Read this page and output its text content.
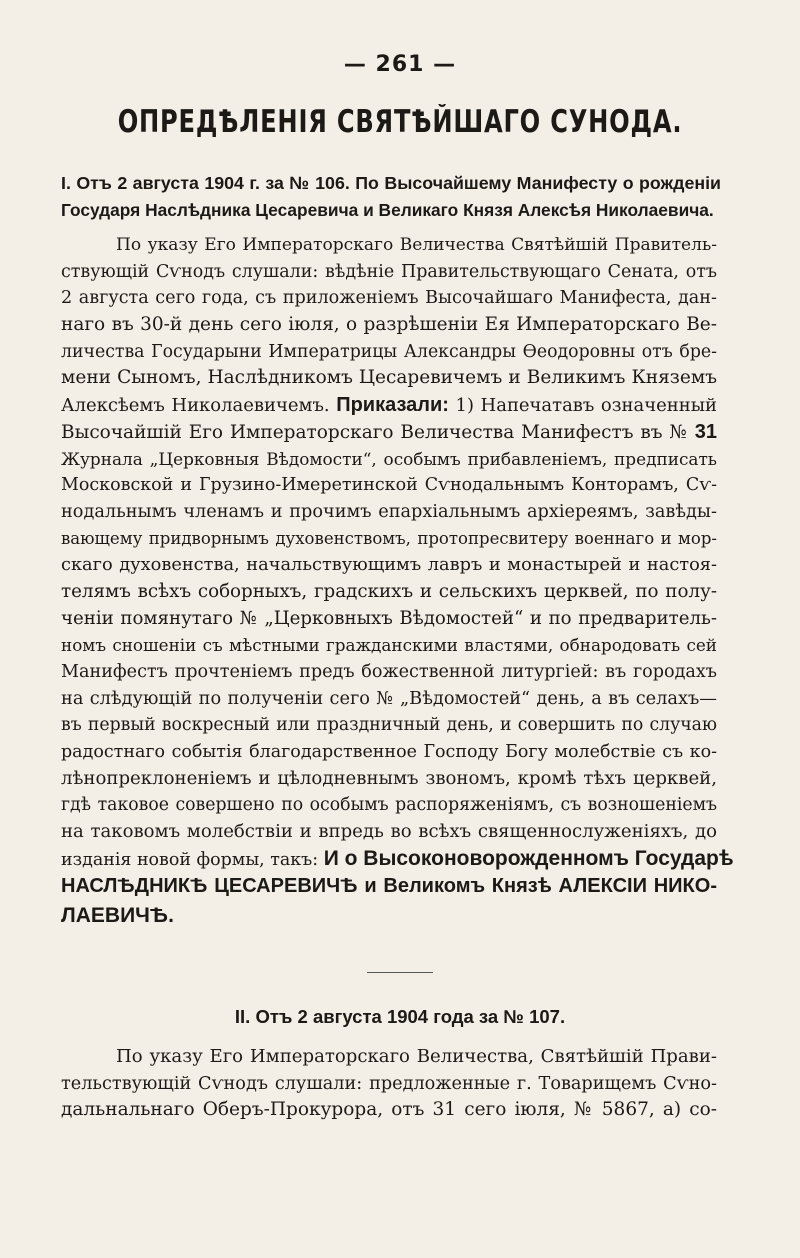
— 261 —
ОПРЕДѢЛЕНІЯ СВЯТѢЙШАГО СУНОДА.
I. Отъ 2 августа 1904 г. за № 106. По Высочайшему Манифесту о рожденіи
Государя Наслѣдника Цесаревича и Великаго Князя Алексѣя Николаевича.
По указу Его Императорскаго Величества Святѣйшій Правитель-
ствующій Сѵнодъ слушали: вѣдѣніе Правительствующаго Сената, отъ
2 августа сего года, съ приложеніемъ Высочайшаго Манифеста, дан-
наго въ 30-й день сего іюля, о разрѣшеніи Ея Императорскаго Ве-
личества Государыни Императрицы Александры Ѳеодоровны отъ бре-
мени Сыномъ, Наслѣдникомъ Цесаревичемъ и Великимъ Княземъ
Алексѣемъ Николаевичемъ. Приказали: 1) Напечатавъ означенный
Высочайшій Его Императорскаго Величества Манифестъ въ № 31
Журнала „Церковныя Вѣдомости“, особымъ прибавленіемъ, предписать
Московской и Грузино-Имеретинской Сѵнодальнымъ Конторамъ, Сѵ-
нодальнымъ членамъ и прочимъ епархіальнымъ архіереямъ, завѣды-
вающему придворнымъ духовенствомъ, протопресвитеру военнаго и мор-
скаго духовенства, начальствующимъ лавръ и монастырей и настоя-
телямъ всѣхъ соборныхъ, градскихъ и сельскихъ церквей, по полу-
ченіи помянутаго № „Церковныхъ Вѣдомостей“ и по предваритель-
номъ сношеніи съ мѣстными гражданскими властями, обнародовать сей
Манифестъ прочтеніемъ предъ божественной литургіей: въ городахъ
на слѣдующій по полученіи сего № „Вѣдомостей“ день, а въ селахъ—
въ первый воскресный или праздничный день, и совершить по случаю
радостнаго событія благодарственное Господу Богу молебствіе съ ко-
лѣнопреклоненіемъ и цѣлодневнымъ звономъ, кромѣ тѣхъ церквей,
гдѣ таковое совершено по особымъ распоряженіямъ, съ возношеніемъ
на таковомъ молебствіи и впредь во всѣхъ священнослуженіяхъ, до
изданія новой формы, такъ: И о Высоконоворожденномъ Государѣ
НАСЛѢДНИКѢ ЦЕСАРЕВИЧѢ и Великомъ Князѣ АЛЕКСІИ НИКО-
ЛАЕВИЧѢ.
II. Отъ 2 августа 1904 года за № 107.
По указу Его Императорскаго Величества, Святѣйшій Прави-
тельствующій Сѵнодъ слушали: предложенные г. Товарищемъ Сѵно-
дальнальнаго Оберъ-Прокурора, отъ 31 сего іюля, № 5867, а) со-
